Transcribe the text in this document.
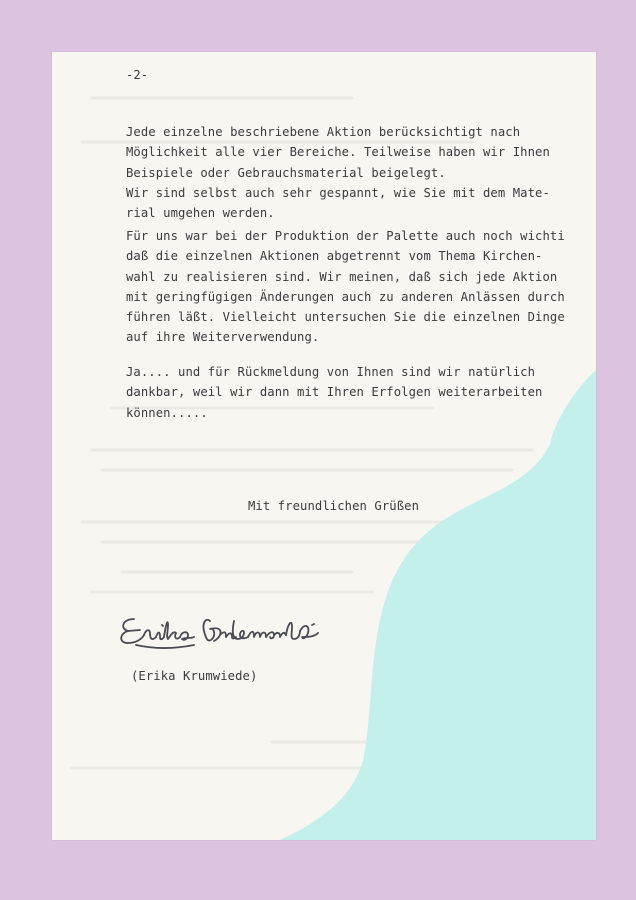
-2-

Jede einzelne beschriebene Aktion berücksichtigt nach
Möglichkeit alle vier Bereiche. Teilweise haben wir Ihnen
Beispiele oder Gebrauchsmaterial beigelegt.
Wir sind selbst auch sehr gespannt, wie Sie mit dem Mate-
rial umgehen werden.

Für uns war bei der Produktion der Palette auch noch wichti
daß die einzelnen Aktionen abgetrennt vom Thema Kirchen-
wahl zu realisieren sind. Wir meinen, daß sich jede Aktion
mit geringfügigen Änderungen auch zu anderen Anlässen durch
führen läßt. Vielleicht untersuchen Sie die einzelnen Dinge
auf ihre Weiterverwendung.

Ja.... und für Rückmeldung von Ihnen sind wir natürlich
dankbar, weil wir dann mit Ihren Erfolgen weiterarbeiten
können.....

Mit freundlichen Grüßen

(Erika Krumwiede)
